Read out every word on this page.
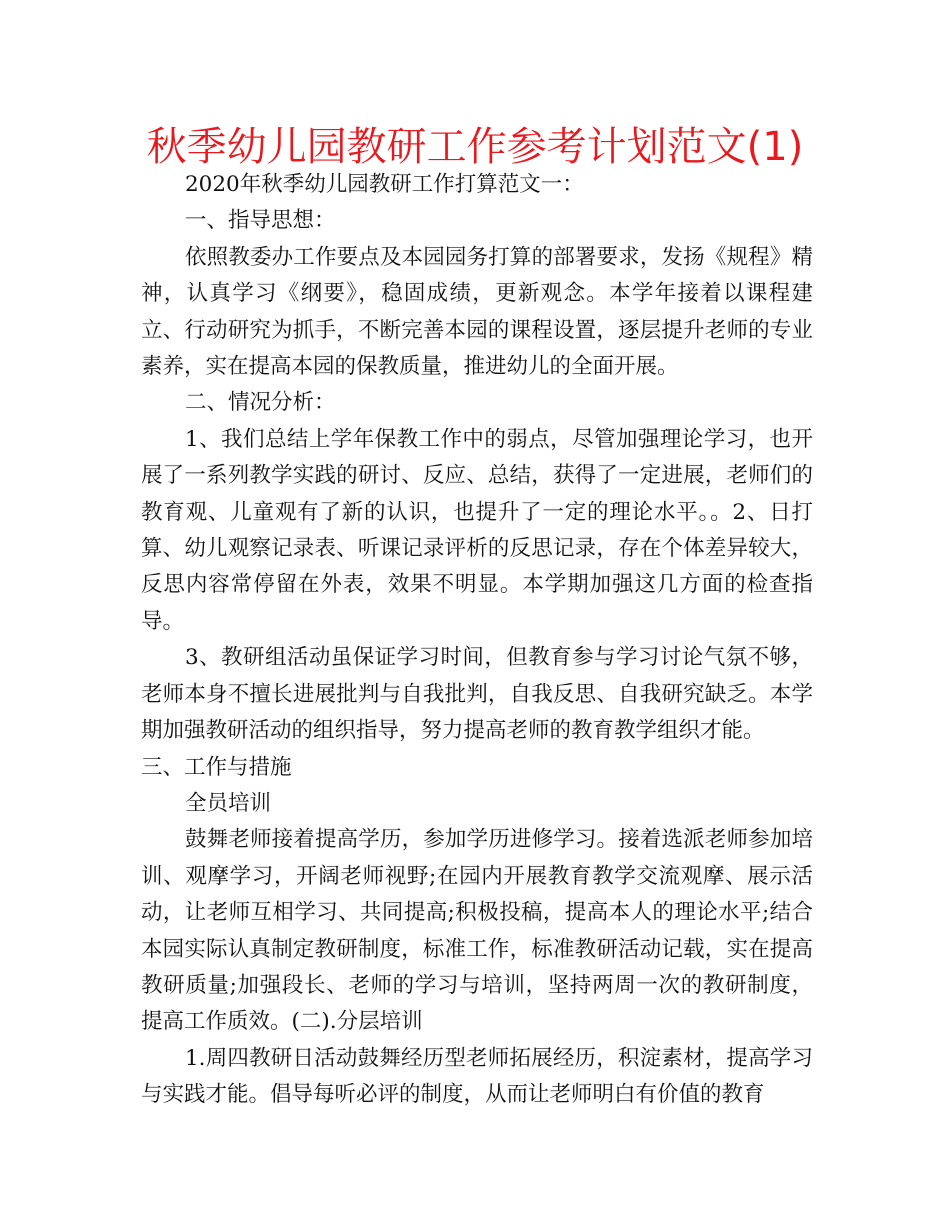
秋季幼儿园教研工作参考计划范文(1)

2020年秋季幼儿园教研工作打算范文一：

一、指导思想：

依照教委办工作要点及本园园务打算的部署要求，发扬《规程》精神，认真学习《纲要》，稳固成绩，更新观念。本学年接着以课程建立、行动研究为抓手，不断完善本园的课程设置，逐层提升老师的专业素养，实在提高本园的保教质量，推进幼儿的全面开展。

二、情况分析：

1、我们总结上学年保教工作中的弱点，尽管加强理论学习，也开展了一系列教学实践的研讨、反应、总结，获得了一定进展，老师们的教育观、儿童观有了新的认识，也提升了一定的理论水平。。2、日打算、幼儿观察记录表、听课记录评析的反思记录，存在个体差异较大，反思内容常停留在外表，效果不明显。本学期加强这几方面的检查指导。

3、教研组活动虽保证学习时间，但教育参与学习讨论气氛不够，老师本身不擅长进展批判与自我批判，自我反思、自我研究缺乏。本学期加强教研活动的组织指导，努力提高老师的教育教学组织才能。

三、工作与措施

全员培训

鼓舞老师接着提高学历，参加学历进修学习。接着选派老师参加培训、观摩学习，开阔老师视野;在园内开展教育教学交流观摩、展示活动，让老师互相学习、共同提高;积极投稿，提高本人的理论水平;结合本园实际认真制定教研制度，标准工作，标准教研活动记载，实在提高教研质量;加强段长、老师的学习与培训，坚持两周一次的教研制度，提高工作质效。(二).分层培训

1.周四教研日活动鼓舞经历型老师拓展经历，积淀素材，提高学习与实践才能。倡导每听必评的制度，从而让老师明白有价值的教育
